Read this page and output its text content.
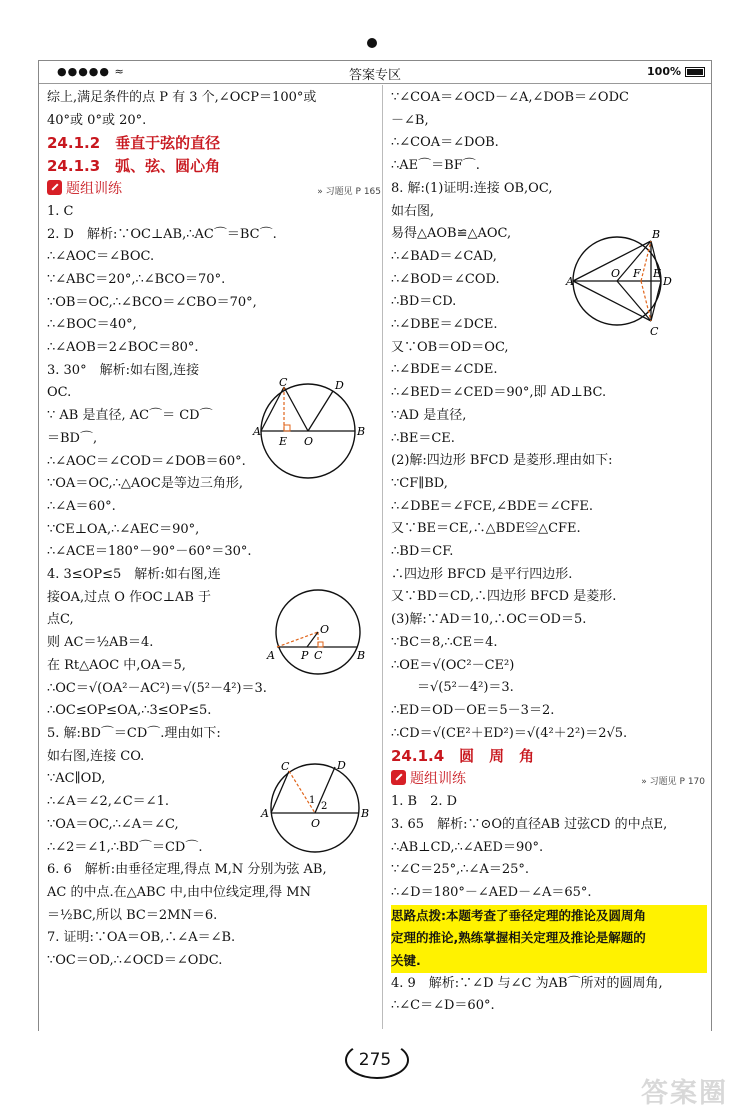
●●●●● ≈	答案专区	100%
综上,满足条件的点 P 有 3 个,∠OCP＝100°或
40°或 0°或 20°.
24.1.2　垂直于弦的直径
24.1.3　弧、弦、圆心角
题组训练	» 习题见 P 165
1. C
2. D　解析:∵OC⊥AB,∴AC⌒＝BC⌒.
∴∠AOC＝∠BOC.
∵∠ABC＝20°,∴∠BCO＝70°.
∵OB＝OC,∴∠BCO＝∠CBO＝70°,
∴∠BOC＝40°,
∴∠AOB＝2∠BOC＝80°.
3. 30°　解析:如右图,连接
OC.
∵ AB 是直径, AC⌒＝ CD⌒
＝BD⌒,
∴∠AOC＝∠COD＝∠DOB＝60°.
∵OA＝OC,∴△AOC是等边三角形,
∴∠A＝60°.
∵CE⊥OA,∴∠AEC＝90°,
∴∠ACE＝180°－90°－60°＝30°.
4. 3≤OP≤5　解析:如右图,连
接OA,过点 O 作OC⊥AB 于
点C,
则 AC＝½AB＝4.
在 Rt△AOC 中,OA＝5,
∴OC＝√(OA²－AC²)＝√(5²－4²)＝3.
∴OC≤OP≤OA,∴3≤OP≤5.
5. 解:BD⌒＝CD⌒.理由如下:
如右图,连接 CO.
∵AC∥OD,
∴∠A＝∠2,∠C＝∠1.
∵OA＝OC,∴∠A＝∠C,
∴∠2＝∠1,∴BD⌒＝CD⌒.
6. 6　解析:由垂径定理,得点 M,N 分别为弦 AB,
AC 的中点.在△ABC 中,由中位线定理,得 MN
＝½BC,所以 BC＝2MN＝6.
7. 证明:∵OA＝OB,∴∠A＝∠B.
∵OC＝OD,∴∠OCD＝∠ODC.
∵∠COA＝∠OCD－∠A,∠DOB＝∠ODC
－∠B,
∴∠COA＝∠DOB.
∴AE⌒＝BF⌒.
8. 解:(1)证明:连接 OB,OC,
如右图,
易得△AOB≌△AOC,
∴∠BAD＝∠CAD,
∴∠BOD＝∠COD.
∴BD＝CD.
∴∠DBE＝∠DCE.
又∵OB＝OD＝OC,
∴∠BDE＝∠CDE.
∴∠BED＝∠CED＝90°,即 AD⊥BC.
∵AD 是直径,
∴BE＝CE.
(2)解:四边形 BFCD 是菱形.理由如下:
∵CF∥BD,
∴∠DBE＝∠FCE,∠BDE＝∠CFE.
又∵BE＝CE,∴△BDE≌△CFE.
∴BD＝CF.
∴四边形 BFCD 是平行四边形.
又∵BD＝CD,∴四边形 BFCD 是菱形.
(3)解:∵AD＝10,∴OC＝OD＝5.
∵BC＝8,∴CE＝4.
∴OE＝√(OC²－CE²)
　　＝√(5²－4²)＝3.
∴ED＝OD－OE＝5－3＝2.
∴CD＝√(CE²＋ED²)＝√(4²＋2²)＝2√5.
24.1.4　圆　周　角
题组训练	» 习题见 P 170
1. B　2. D
3. 65　解析:∵⊙O的直径AB 过弦CD 的中点E,
∴AB⊥CD,∴∠AED＝90°.
∵∠C＝25°,∴∠A＝25°.
∴∠D＝180°－∠AED－∠A＝65°.
思路点拨:本题考查了垂径定理的推论及圆周角
定理的推论,熟练掌握相关定理及推论是解题的
关键.
4. 9　解析:∵∠D 与∠C 为AB⌒所对的圆周角,
∴∠C＝∠D＝60°.
A	B
C	D
E O
A	B
O
P C
A	B
C	D
O
1
2
A
B
C
D
O F E
275
答案圈
